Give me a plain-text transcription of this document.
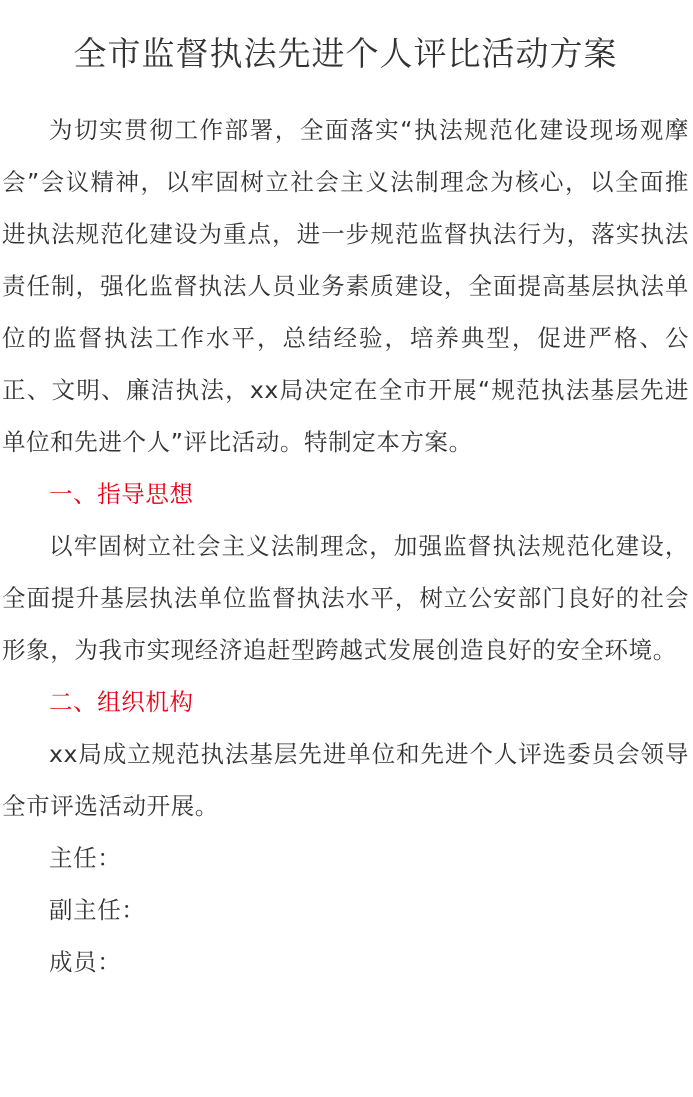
全市监督执法先进个人评比活动方案

为切实贯彻工作部署，全面落实“执法规范化建设现场观摩会”会议精神，以牢固树立社会主义法制理念为核心，以全面推进执法规范化建设为重点，进一步规范监督执法行为，落实执法责任制，强化监督执法人员业务素质建设，全面提高基层执法单位的监督执法工作水平，总结经验，培养典型，促进严格、公正、文明、廉洁执法，xx局决定在全市开展“规范执法基层先进单位和先进个人”评比活动。特制定本方案。

一、指导思想

以牢固树立社会主义法制理念，加强监督执法规范化建设，全面提升基层执法单位监督执法水平，树立公安部门良好的社会形象，为我市实现经济追赶型跨越式发展创造良好的安全环境。

二、组织机构

xx局成立规范执法基层先进单位和先进个人评选委员会领导全市评选活动开展。

主任：

副主任：

成员：
